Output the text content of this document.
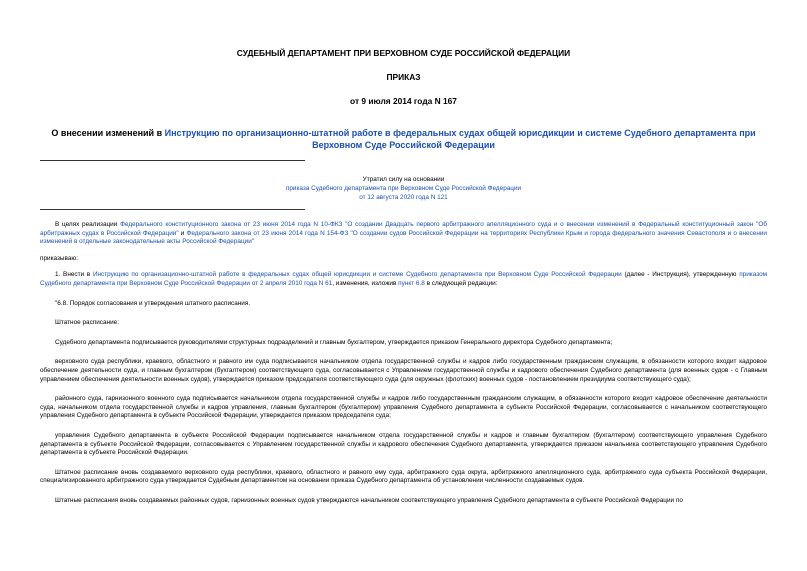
СУДЕБНЫЙ ДЕПАРТАМЕНТ ПРИ ВЕРХОВНОМ СУДЕ РОССИЙСКОЙ ФЕДЕРАЦИИ
ПРИКАЗ
от 9 июля 2014 года N 167
О внесении изменений в Инструкцию по организационно-штатной работе в федеральных судах общей юрисдикции и системе Судебного департамента при Верховном Суде Российской Федерации
Утратил силу на основании
приказа Судебного департамента при Верховном Суде Российской Федерации
от 12 августа 2020 года N 121
В целях реализации Федерального конституционного закона от 23 июня 2014 года N 10-ФКЗ "О создании Двадцать первого арбитражного апелляционного суда и о внесении изменений в Федеральный конституционный закон "Об арбитражных судах в Российской Федерации" и Федерального закона от 23 июня 2014 года N 154-ФЗ "О создании судов Российской Федерации на территориях Республики Крым и города федерального значения Севастополя и о внесении изменений в отдельные законодательные акты Российской Федерации"
приказываю:
1. Внести в Инструкцию по организационно-штатной работе в федеральных судах общей юрисдикции и системе Судебного департамента при Верховном Суде Российской Федерации (далее - Инструкция), утвержденную приказом Судебного департамента при Верховном Суде Российской Федерации от 2 апреля 2010 года N 61, изменения, изложив пункт 6.8 в следующей редакции:
"6.8. Порядок согласования и утверждения штатного расписания.
Штатное расписание:
Судебного департамента подписывается руководителями структурных подразделений и главным бухгалтером, утверждается приказом Генерального директора Судебного департамента;
верховного суда республики, краевого, областного и равного им суда подписывается начальником отдела государственной службы и кадров либо государственным гражданским служащим, в обязанности которого входит кадровое обеспечение деятельности суда, и главным бухгалтером (бухгалтером) соответствующего суда, согласовывается с Управлением государственной службы и кадрового обеспечения Судебного департамента (для военных судов - с Главным управлением обеспечения деятельности военных судов), утверждается приказом председателя соответствующего суда (для окружных (флотских) военных судов - постановлением президиума соответствующего суда);
районного суда, гарнизонного военного суда подписывается начальником отдела государственной службы и кадров либо государственным гражданским служащим, в обязанности которого входит кадровое обеспечение деятельности суда, начальником отдела государственной службы и кадров управления, главным бухгалтером (бухгалтером) управления Судебного департамента в субъекте Российской Федерации, согласовывается с начальником соответствующего управления Судебного департамента в субъекте Российской Федерации, утверждается приказом председателя суда;
управления Судебного департамента в субъекте Российской Федерации подписывается начальником отдела государственной службы и кадров и главным бухгалтером (бухгалтером) соответствующего управления Судебного департамента в субъекте Российской Федерации, согласовывается с Управлением государственной службы и кадрового обеспечения Судебного департамента, утверждается приказом начальника соответствующего управления Судебного департамента в субъекте Российской Федерации.
Штатное расписание вновь создаваемого верховного суда республики, краевого, областного и равного ему суда, арбитражного суда округа, арбитражного апелляционного суда, арбитражного суда субъекта Российской Федерации, специализированного арбитражного суда утверждается Судебным департаментом на основании приказа Судебного департамента об установлении численности создаваемых судов.
Штатные расписания вновь создаваемых районных судов, гарнизонных военных судов утверждаются начальником соответствующего управления Судебного департамента в субъекте Российской Федерации по
